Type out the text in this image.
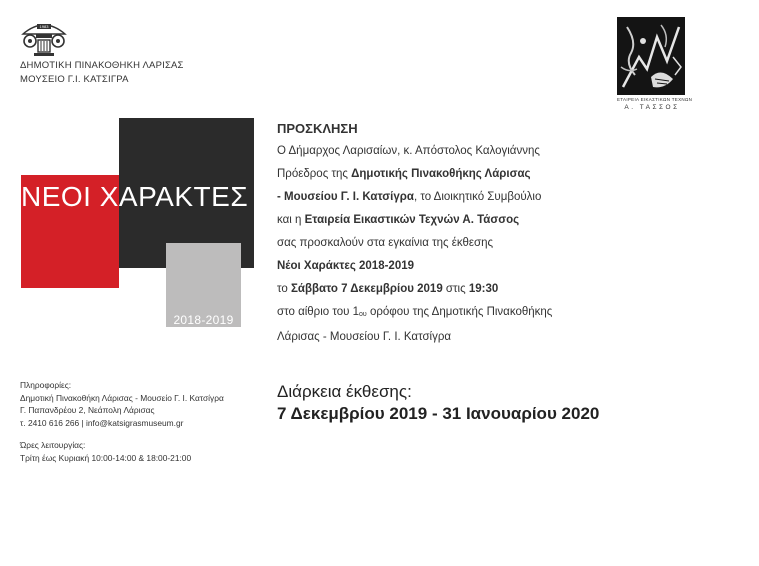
1983
ΔΗΜΟΤΙΚΗ ΠΙΝΑΚΟΘΗΚΗ ΛΑΡΙΣΑΣ
ΜΟΥΣΕΙΟ Γ.Ι. ΚΑΤΣΙΓΡΑ
ΕΤΑΙΡΕΙΑ ΕΙΚΑΣΤΙΚΩΝ ΤΕΧΝΩΝ
Α. ΤΑΣΣΟΣ
ΝΕΟΙ ΧΑΡΑΚΤΕΣ
2018-2019
ΠΡΟΣΚΛΗΣΗ
Ο Δήμαρχος Λαρισαίων, κ. Απόστολος Καλογιάννης
Πρόεδρος της Δημοτικής Πινακοθήκης Λάρισας
- Μουσείου Γ. Ι. Κατσίγρα, το Διοικητικό Συμβούλιο
και η Εταιρεία Εικαστικών Τεχνών Α. Τάσσος
σας προσκαλούν στα εγκαίνια της έκθεσης
Νέοι Χαράκτες 2018-2019
το Σάββατο 7 Δεκεμβρίου 2019 στις 19:30
στο αίθριο του $1_{o\upsilon}$ ορόφου της Δημοτικής Πινακοθήκης
Λάρισας - Μουσείου Γ. Ι. Κατσίγρα
Διάρκεια έκθεσης:
7 Δεκεμβρίου 2019 - 31 Ιανουαρίου 2020
Πληροφορίες:
Δημοτική Πινακοθήκη Λάρισας - Μουσείο Γ. Ι. Κατσίγρα
Γ. Παπανδρέου 2, Νεάπολη Λάρισας
τ. 2410 616 266 | info@katsigrasmuseum.gr
Ώρες λειτουργίας:
Τρίτη έως Κυριακή 10:00-14:00 & 18:00-21:00
